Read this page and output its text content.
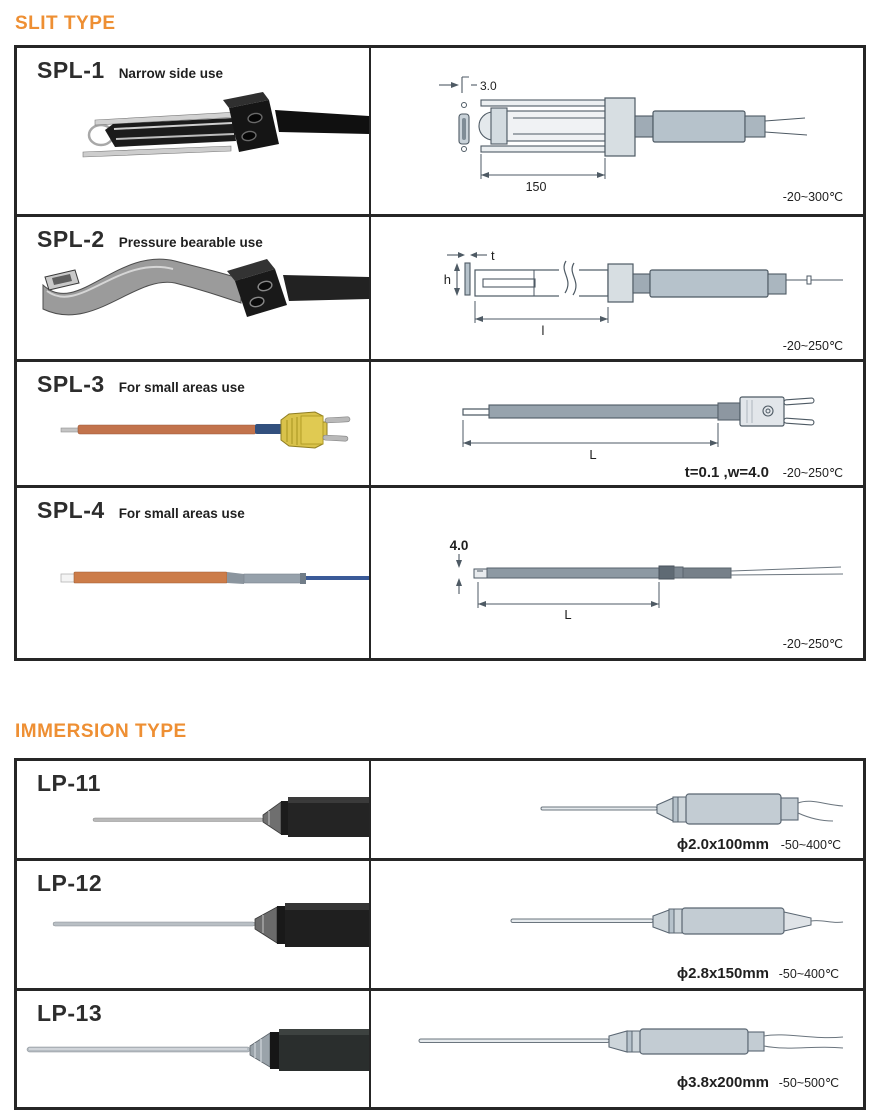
SLIT TYPE
SPL-1 Narrow side use
3.0
150
-20~300℃
SPL-2 Pressure bearable use
t
h
l
-20~250℃
SPL-3 For small areas use
L
t=0.1 ,w=4.0 -20~250℃
SPL-4 For small areas use
4.0
L
-20~250℃
IMMERSION TYPE
LP-11
ϕ2.0x100mm -50~400℃
LP-12
ϕ2.8x150mm -50~400℃
LP-13
ϕ3.8x200mm -50~500℃
